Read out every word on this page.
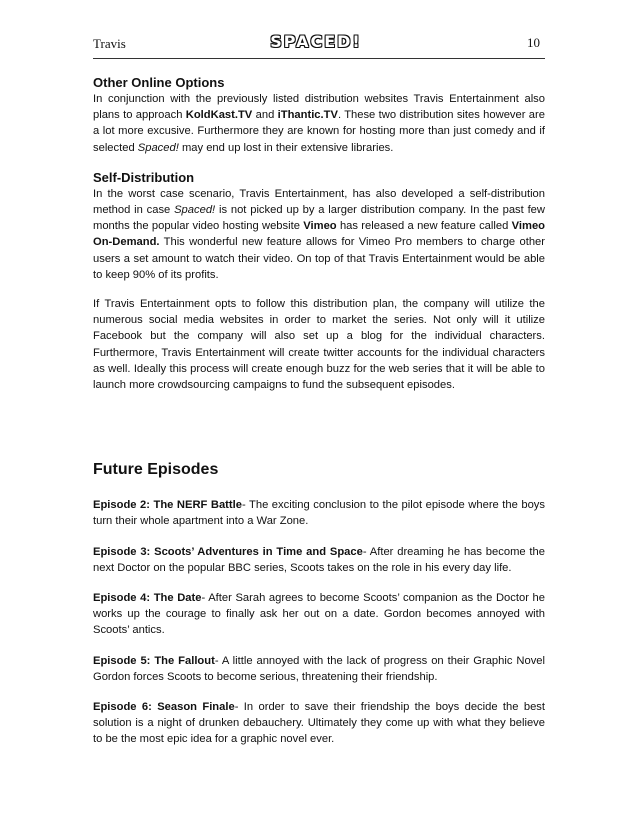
Travis	SPACED!	10
Other Online Options

In conjunction with the previously listed distribution websites Travis Entertainment also plans to approach KoldKast.TV and iThantic.TV. These two distribution sites however are a lot more excusive. Furthermore they are known for hosting more than just comedy and if selected Spaced! may end up lost in their extensive libraries.

Self-Distribution

In the worst case scenario, Travis Entertainment, has also developed a self-distribution method in case Spaced! is not picked up by a larger distribution company. In the past few months the popular video hosting website Vimeo has released a new feature called Vimeo On-Demand. This wonderful new feature allows for Vimeo Pro members to charge other users a set amount to watch their video. On top of that Travis Entertainment would be able to keep 90% of its profits.

If Travis Entertainment opts to follow this distribution plan, the company will utilize the numerous social media websites in order to market the series. Not only will it utilize Facebook but the company will also set up a blog for the individual characters. Furthermore, Travis Entertainment will create twitter accounts for the individual characters as well. Ideally this process will create enough buzz for the web series that it will be able to launch more crowdsourcing campaigns to fund the subsequent episodes.

Future Episodes

Episode 2: The NERF Battle- The exciting conclusion to the pilot episode where the boys turn their whole apartment into a War Zone.

Episode 3: Scoots’ Adventures in Time and Space- After dreaming he has become the next Doctor on the popular BBC series, Scoots takes on the role in his every day life.

Episode 4: The Date- After Sarah agrees to become Scoots’ companion as the Doctor he works up the courage to finally ask her out on a date. Gordon becomes annoyed with Scoots’ antics.

Episode 5: The Fallout- A little annoyed with the lack of progress on their Graphic Novel Gordon forces Scoots to become serious, threatening their friendship.

Episode 6: Season Finale- In order to save their friendship the boys decide the best solution is a night of drunken debauchery. Ultimately they come up with what they believe to be the most epic idea for a graphic novel ever.
